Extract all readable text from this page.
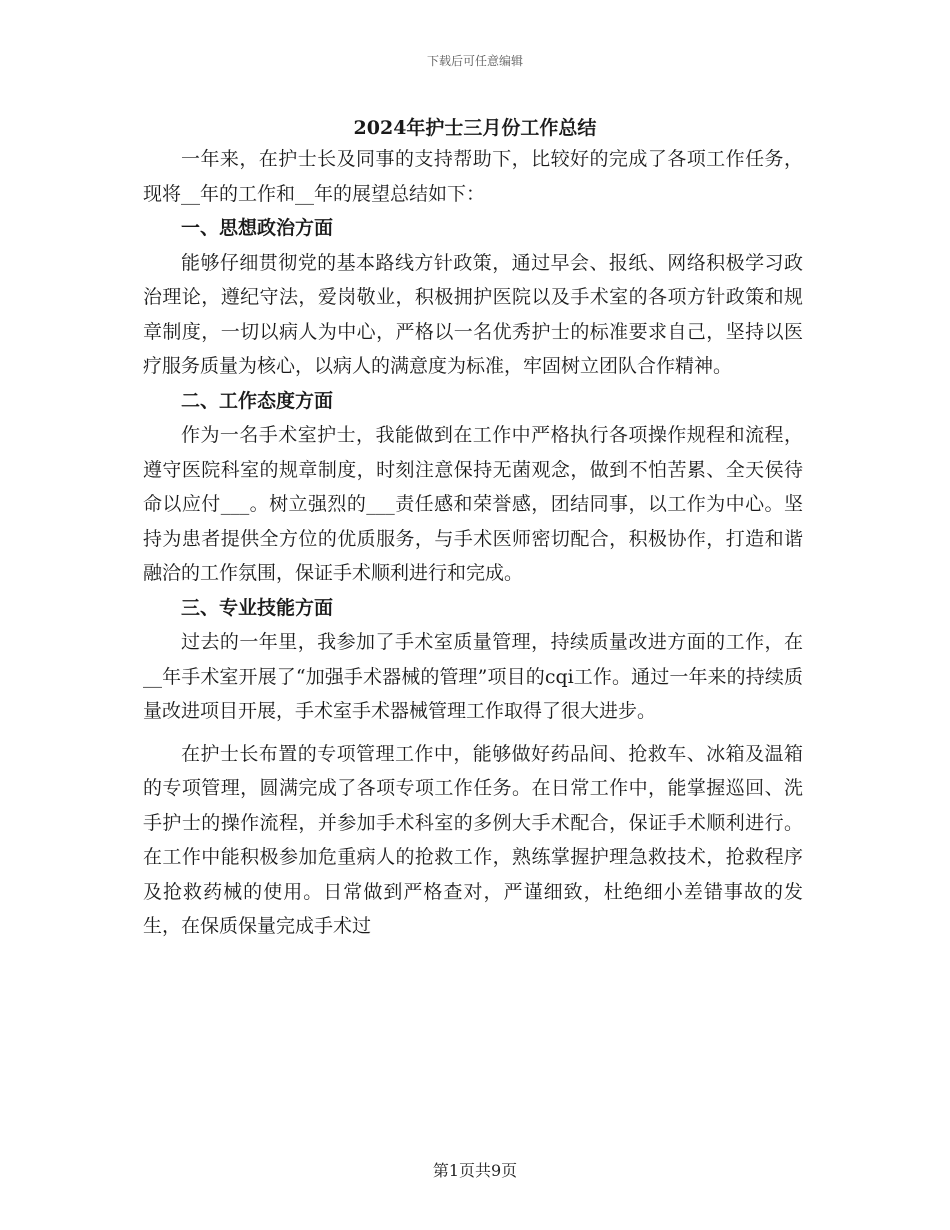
下载后可任意编辑
2024年护士三月份工作总结

一年来，在护士长及同事的支持帮助下，比较好的完成了各项工作任务，现将__年的工作和__年的展望总结如下：

一、思想政治方面

能够仔细贯彻党的基本路线方针政策，通过早会、报纸、网络积极学习政治理论，遵纪守法，爱岗敬业，积极拥护医院以及手术室的各项方针政策和规章制度，一切以病人为中心，严格以一名优秀护士的标准要求自己，坚持以医疗服务质量为核心，以病人的满意度为标准，牢固树立团队合作精神。

二、工作态度方面

作为一名手术室护士，我能做到在工作中严格执行各项操作规程和流程，遵守医院科室的规章制度，时刻注意保持无菌观念，做到不怕苦累、全天侯待命以应付___。树立强烈的___责任感和荣誉感，团结同事，以工作为中心。坚持为患者提供全方位的优质服务，与手术医师密切配合，积极协作，打造和谐融洽的工作氛围，保证手术顺利进行和完成。

三、专业技能方面

过去的一年里，我参加了手术室质量管理，持续质量改进方面的工作，在__年手术室开展了“加强手术器械的管理”项目的cqi工作。通过一年来的持续质量改进项目开展，手术室手术器械管理工作取得了很大进步。

在护士长布置的专项管理工作中，能够做好药品间、抢救车、冰箱及温箱的专项管理，圆满完成了各项专项工作任务。在日常工作中，能掌握巡回、洗手护士的操作流程，并参加手术科室的多例大手术配合，保证手术顺利进行。在工作中能积极参加危重病人的抢救工作，熟练掌握护理急救技术，抢救程序及抢救药械的使用。日常做到严格查对，严谨细致，杜绝细小差错事故的发生，在保质保量完成手术过

第1页共9页
